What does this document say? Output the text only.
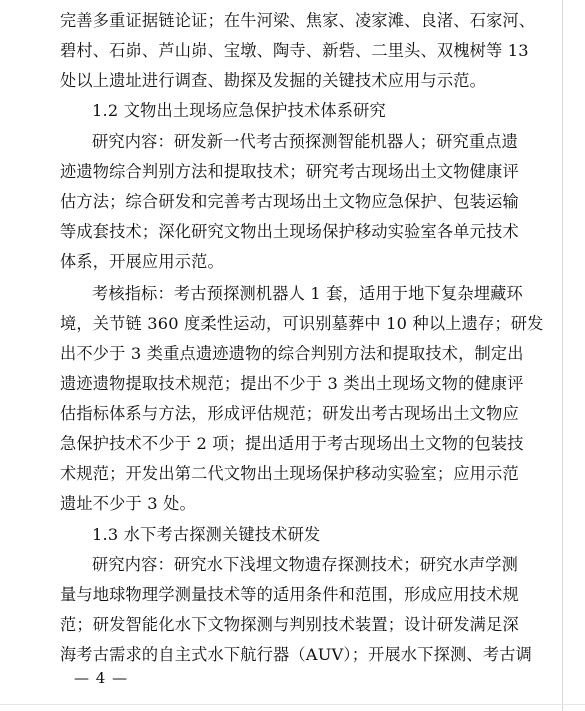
完善多重证据链论证；在牛河梁、焦家、凌家滩、良渚、石家河、
碧村、石峁、芦山峁、宝墩、陶寺、新砦、二里头、双槐树等 13
处以上遗址进行调查、勘探及发掘的关键技术应用与示范。
1.2 文物出土现场应急保护技术体系研究
研究内容：研发新一代考古预探测智能机器人；研究重点遗
迹遗物综合判别方法和提取技术；研究考古现场出土文物健康评
估方法；综合研发和完善考古现场出土文物应急保护、包装运输
等成套技术；深化研究文物出土现场保护移动实验室各单元技术
体系，开展应用示范。
考核指标：考古预探测机器人 1 套，适用于地下复杂埋藏环
境，关节链 360 度柔性运动，可识别墓葬中 10 种以上遗存；研发
出不少于 3 类重点遗迹遗物的综合判别方法和提取技术，制定出
遗迹遗物提取技术规范；提出不少于 3 类出土现场文物的健康评
估指标体系与方法，形成评估规范；研发出考古现场出土文物应
急保护技术不少于 2 项；提出适用于考古现场出土文物的包装技
术规范；开发出第二代文物出土现场保护移动实验室；应用示范
遗址不少于 3 处。
1.3 水下考古探测关键技术研发
研究内容：研究水下浅埋文物遗存探测技术；研究水声学测
量与地球物理学测量技术等的适用条件和范围，形成应用技术规
范；研发智能化水下文物探测与判别技术装置；设计研发满足深
海考古需求的自主式水下航行器（AUV）；开展水下探测、考古调
— 4 —
